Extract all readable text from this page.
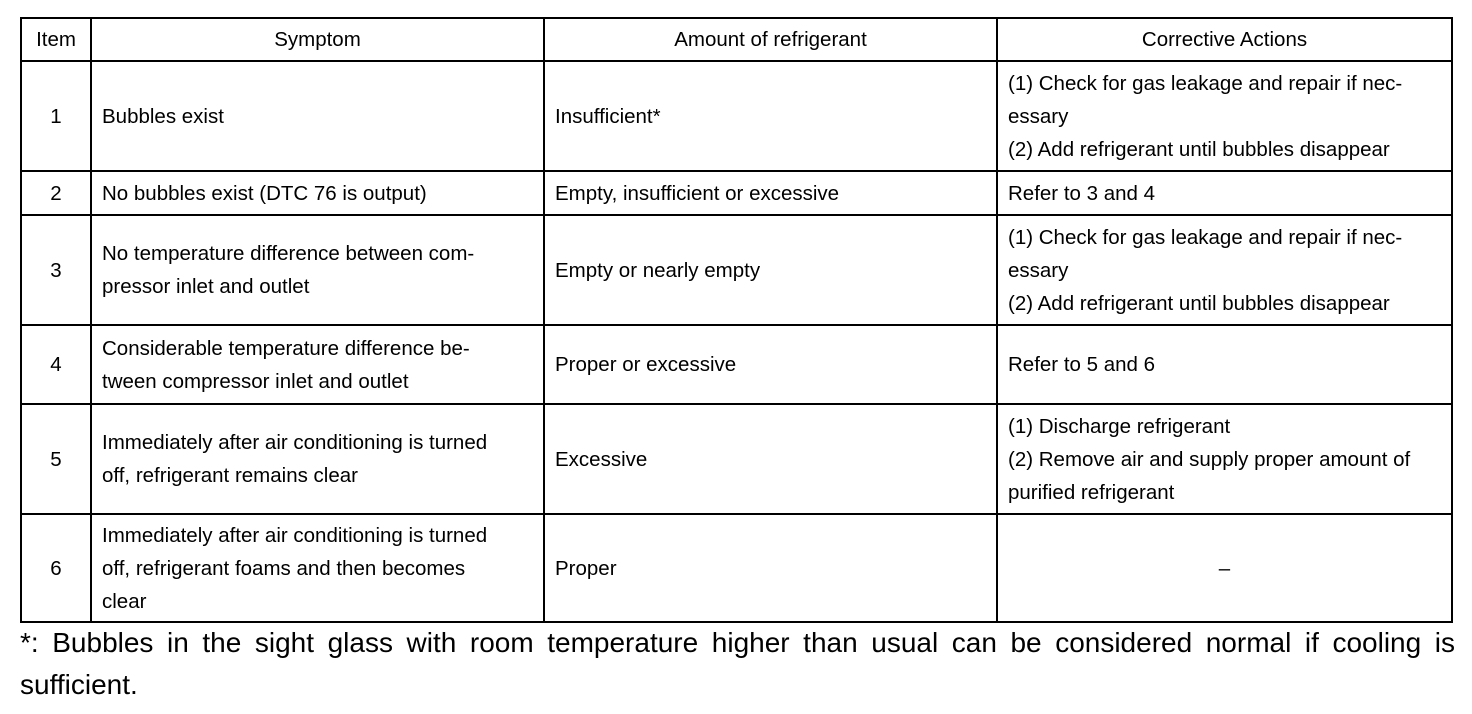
Item	Symptom	Amount of refrigerant	Corrective Actions
1	Bubbles exist	Insufficient*	(1) Check for gas leakage and repair if nec-
essary
(2) Add refrigerant until bubbles disappear

2	No bubbles exist (DTC 76 is output)	Empty, insufficient or excessive	Refer to 3 and 4

3	No temperature difference between com-
pressor inlet and outlet	Empty or nearly empty	(1) Check for gas leakage and repair if nec-
essary
(2) Add refrigerant until bubbles disappear

4	Considerable temperature difference be-
tween compressor inlet and outlet	Proper or excessive	Refer to 5 and 6

5	Immediately after air conditioning is turned
off, refrigerant remains clear	Excessive	(1) Discharge refrigerant
(2) Remove air and supply proper amount of
purified refrigerant

6	Immediately after air conditioning is turned
off, refrigerant foams and then becomes
clear	Proper	–
*: Bubbles in the sight glass with room temperature higher than usual can be considered normal if cooling is sufficient.
